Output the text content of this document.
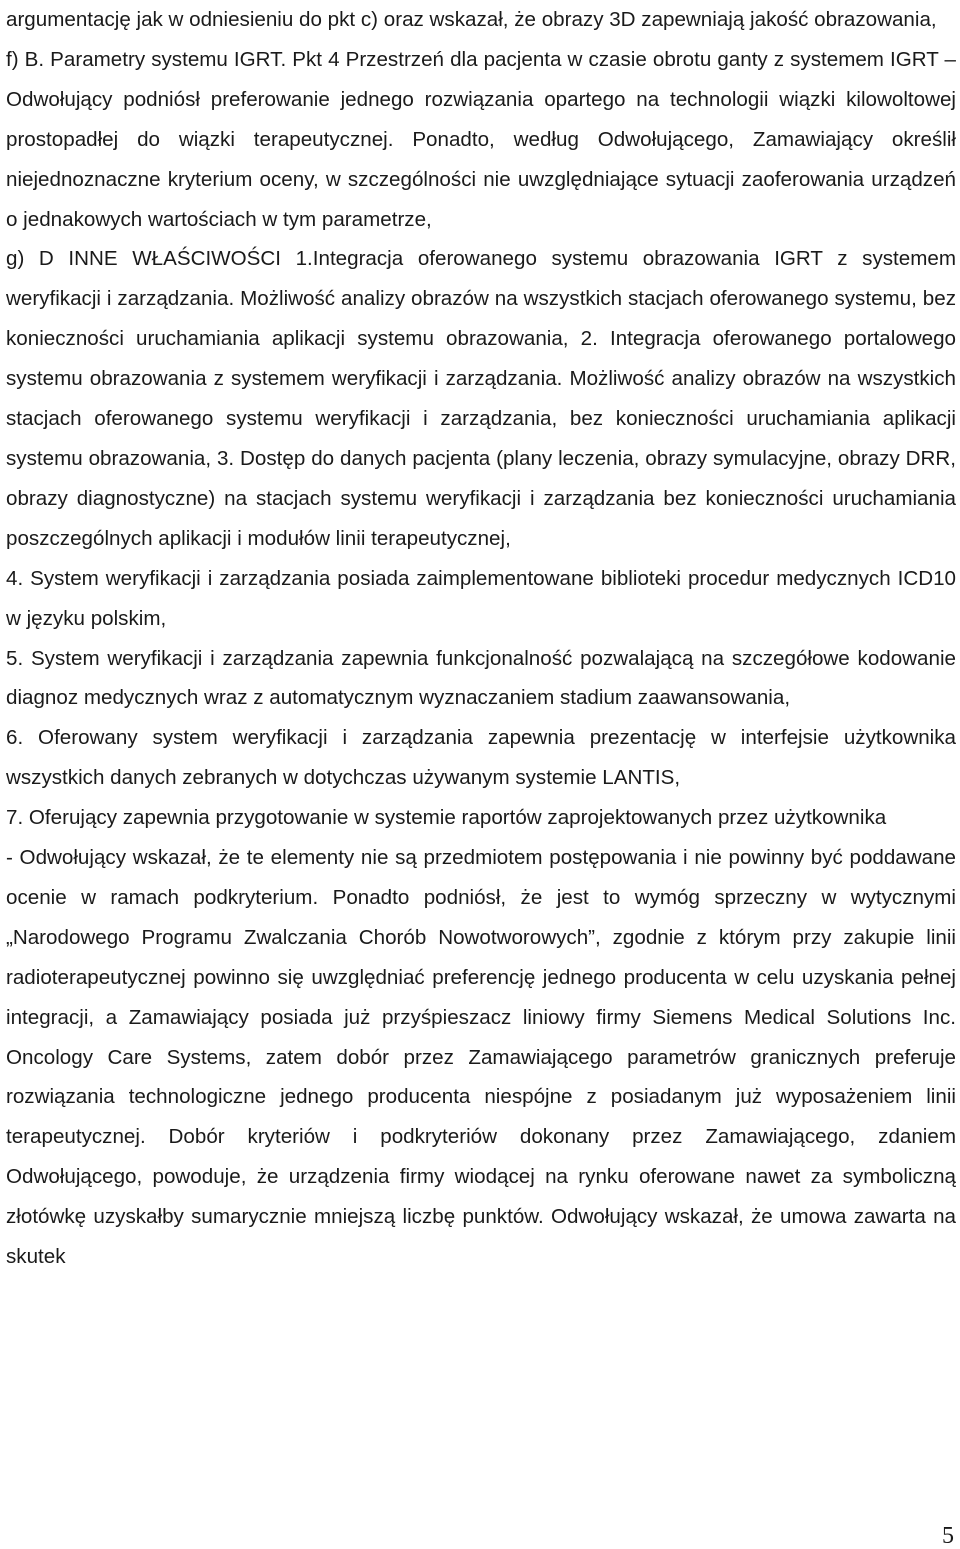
argumentację jak w odniesieniu do pkt c) oraz wskazał, że obrazy 3D zapewniają jakość obrazowania,

f) B. Parametry systemu IGRT. Pkt 4 Przestrzeń dla pacjenta w czasie obrotu ganty z systemem IGRT – Odwołujący podniósł preferowanie jednego rozwiązania opartego na technologii wiązki kilowoltowej prostopadłej do wiązki terapeutycznej. Ponadto, według Odwołującego, Zamawiający określił niejednoznaczne kryterium oceny, w szczególności nie uwzględniające sytuacji zaoferowania urządzeń o jednakowych wartościach w tym parametrze,

g) D INNE WŁAŚCIWOŚCI 1.Integracja oferowanego systemu obrazowania IGRT z systemem weryfikacji i zarządzania. Możliwość analizy obrazów na wszystkich stacjach oferowanego systemu, bez konieczności uruchamiania aplikacji systemu obrazowania, 2. Integracja oferowanego portalowego systemu obrazowania z systemem weryfikacji i zarządzania. Możliwość analizy obrazów na wszystkich stacjach oferowanego systemu weryfikacji i zarządzania, bez konieczności uruchamiania aplikacji systemu obrazowania, 3. Dostęp do danych pacjenta (plany leczenia, obrazy symulacyjne, obrazy DRR, obrazy diagnostyczne) na stacjach systemu weryfikacji i zarządzania bez konieczności uruchamiania poszczególnych aplikacji i modułów linii terapeutycznej,

4. System weryfikacji i zarządzania posiada zaimplementowane biblioteki procedur medycznych ICD10 w języku polskim,

5. System weryfikacji i zarządzania zapewnia funkcjonalność pozwalającą na szczegółowe kodowanie diagnoz medycznych wraz z automatycznym wyznaczaniem stadium zaawansowania,

6. Oferowany system weryfikacji i zarządzania zapewnia prezentację w interfejsie użytkownika wszystkich danych zebranych w dotychczas używanym systemie LANTIS,

7. Oferujący zapewnia przygotowanie w systemie raportów zaprojektowanych przez użytkownika

- Odwołujący wskazał, że te elementy nie są przedmiotem postępowania i nie powinny być poddawane ocenie w ramach podkryterium. Ponadto podniósł, że jest to wymóg sprzeczny w wytycznymi „Narodowego Programu Zwalczania Chorób Nowotworowych”, zgodnie z którym przy zakupie linii radioterapeutycznej powinno się uwzględniać preferencję jednego producenta w celu uzyskania pełnej integracji, a Zamawiający posiada już przyśpieszacz liniowy firmy Siemens Medical Solutions Inc. Oncology Care Systems, zatem dobór przez Zamawiającego parametrów granicznych preferuje rozwiązania technologiczne jednego producenta niespójne z posiadanym już wyposażeniem linii terapeutycznej. Dobór kryteriów i podkryteriów dokonany przez Zamawiającego, zdaniem Odwołującego, powoduje, że urządzenia firmy wiodącej na rynku oferowane nawet za symboliczną złotówkę uzyskałby sumarycznie mniejszą liczbę punktów. Odwołujący wskazał, że umowa zawarta na skutek

5
